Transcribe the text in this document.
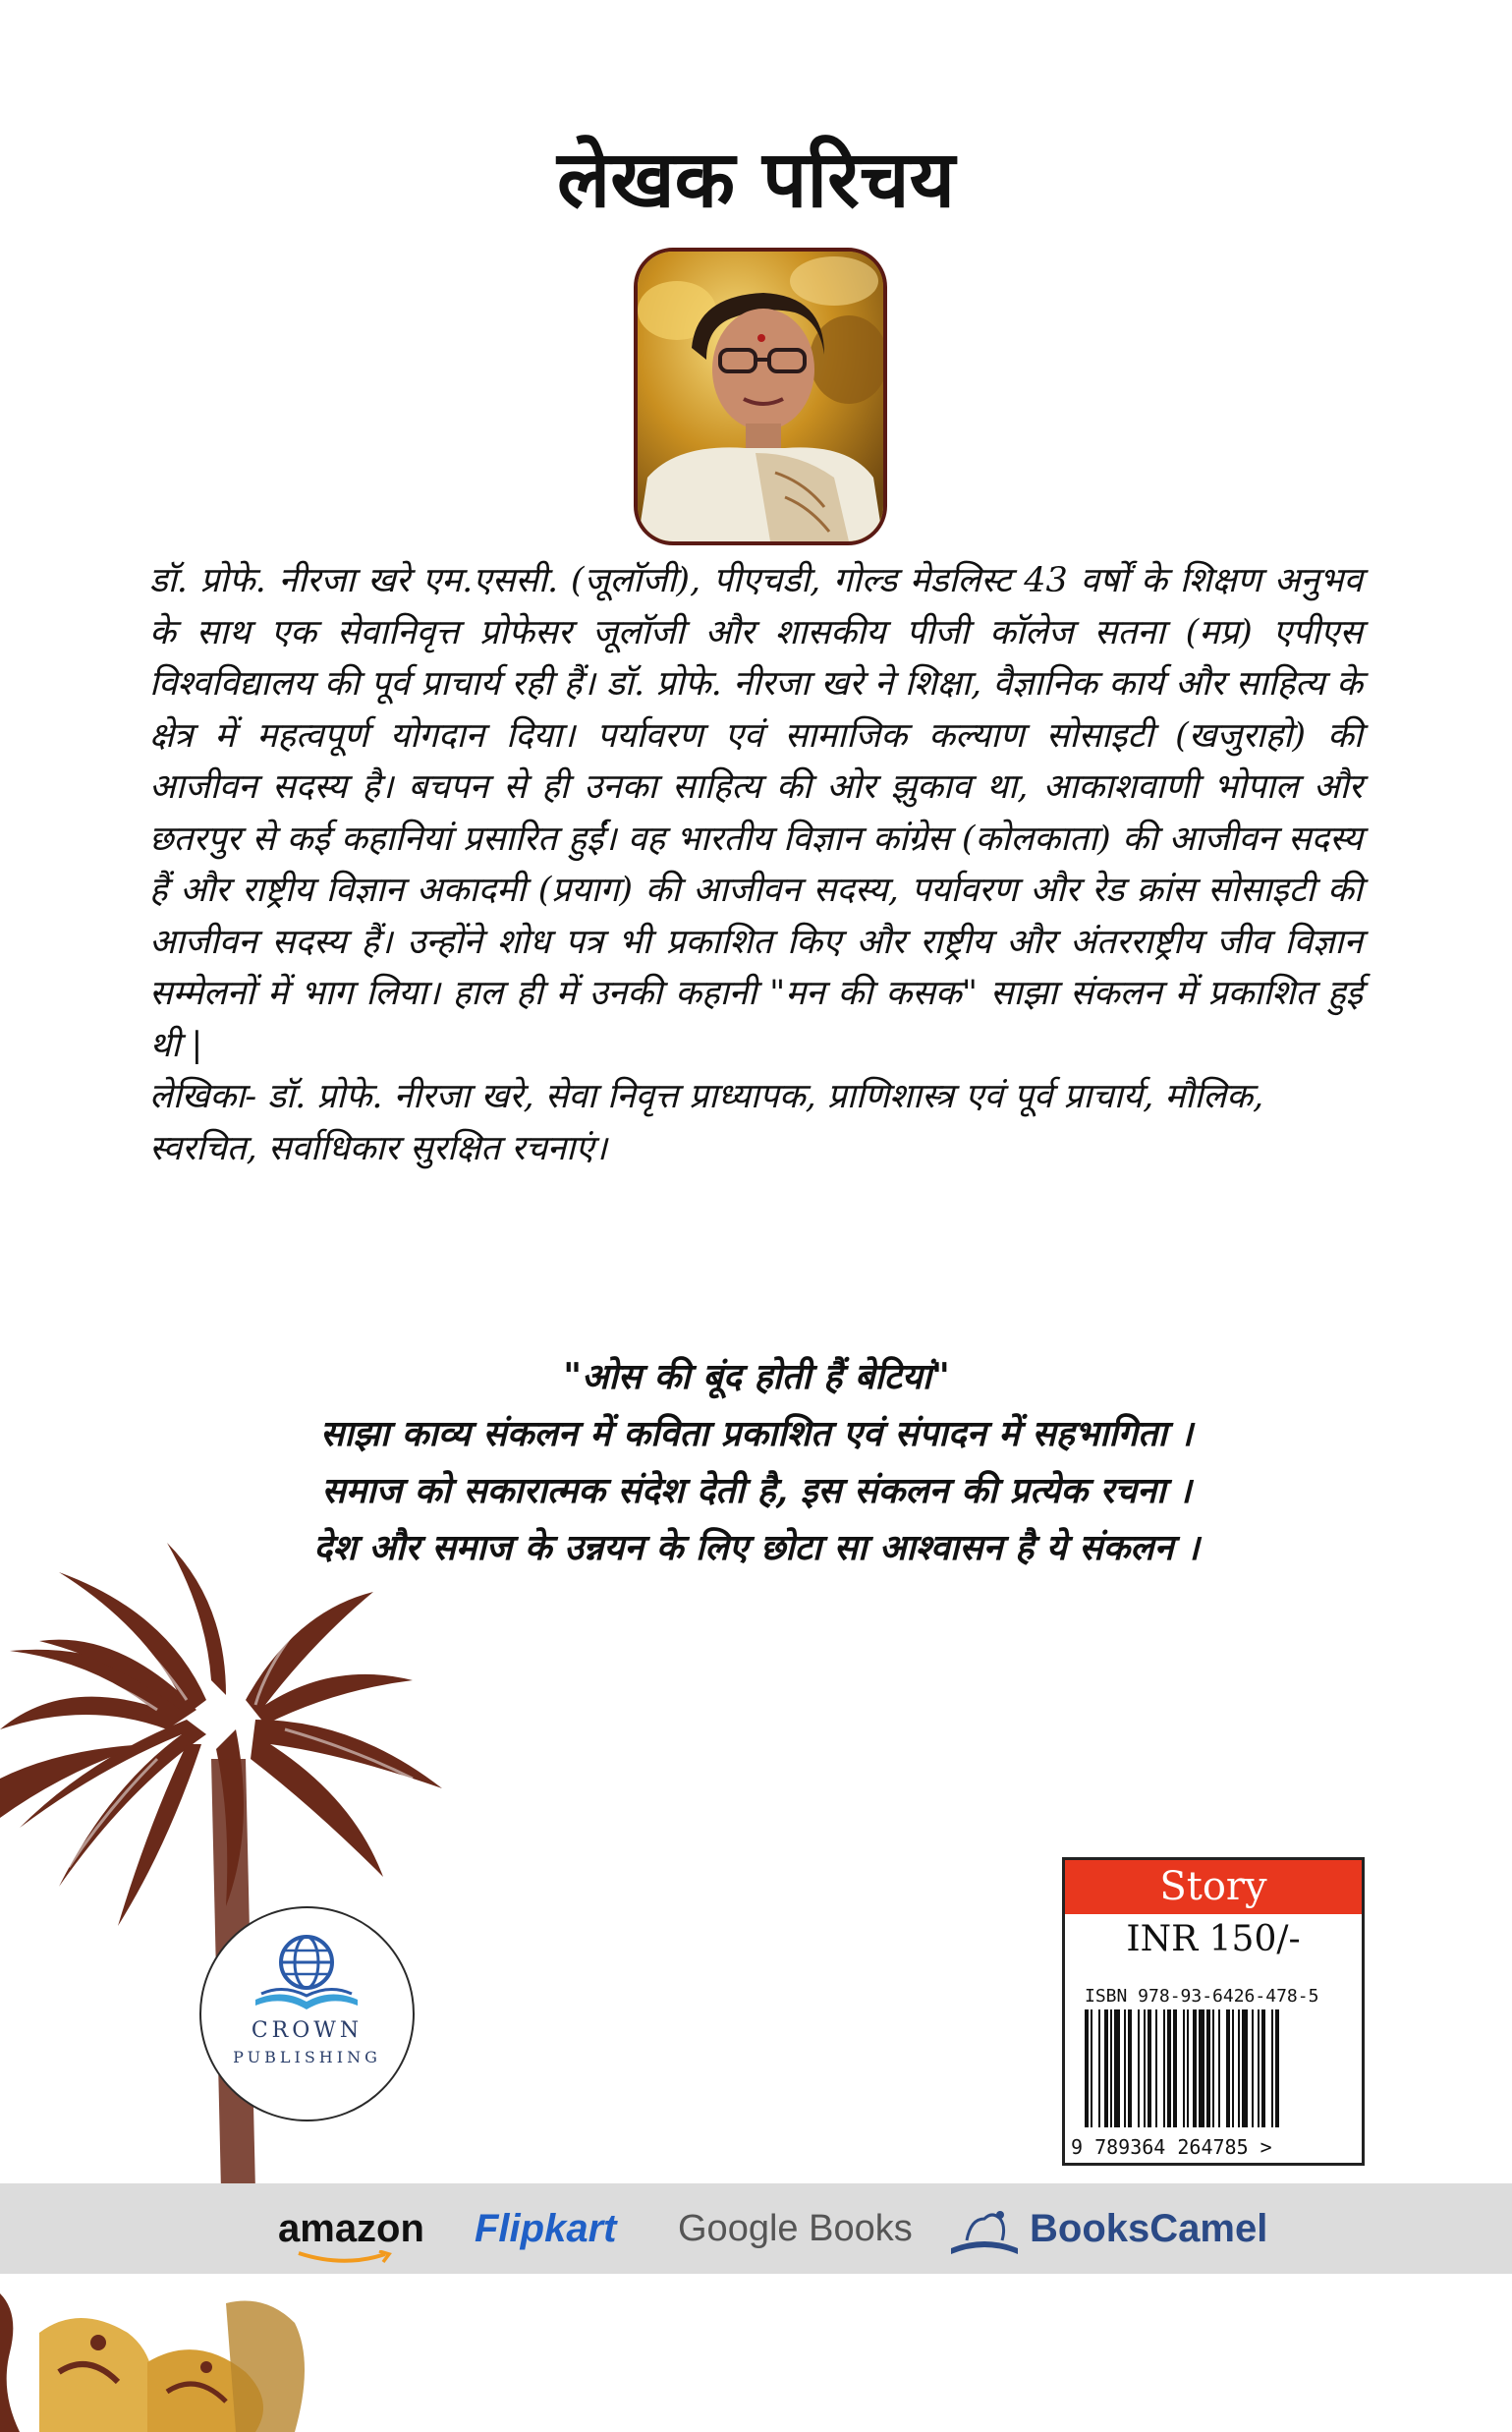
लेखक परिचय

डॉ. प्रोफे. नीरजा खरे एम.एससी. (जूलॉजी), पीएचडी, गोल्ड मेडलिस्ट 43 वर्षों के शिक्षण अनुभव के साथ एक सेवानिवृत्त प्रोफेसर जूलॉजी और शासकीय पीजी कॉलेज सतना (मप्र) एपीएस विश्वविद्यालय की पूर्व प्राचार्य रही हैं। डॉ. प्रोफे. नीरजा खरे ने शिक्षा, वैज्ञानिक कार्य और साहित्य के क्षेत्र में महत्वपूर्ण योगदान दिया। पर्यावरण एवं सामाजिक कल्याण सोसाइटी (खजुराहो) की आजीवन सदस्य है। बचपन से ही उनका साहित्य की ओर झुकाव था, आकाशवाणी भोपाल और छतरपुर से कई कहानियां प्रसारित हुईं। वह भारतीय विज्ञान कांग्रेस (कोलकाता) की आजीवन सदस्य हैं और राष्ट्रीय विज्ञान अकादमी (प्रयाग) की आजीवन सदस्य, पर्यावरण और रेड क्रांस सोसाइटी की आजीवन सदस्य हैं। उन्होंने शोध पत्र भी प्रकाशित किए और राष्ट्रीय और अंतरराष्ट्रीय जीव विज्ञान सम्मेलनों में भाग लिया। हाल ही में उनकी कहानी "मन की कसक" साझा संकलन में प्रकाशित हुई थी |

लेखिका- डॉ. प्रोफे. नीरजा खरे, सेवा निवृत्त प्राध्यापक, प्राणिशास्त्र एवं पूर्व प्राचार्य, मौलिक, स्वरचित, सर्वाधिकार सुरक्षित रचनाएं।

"ओस की बूंद होती हैं बेटियां"
साझा काव्य संकलन में कविता प्रकाशित एवं संपादन में सहभागिता ।
समाज को सकारात्मक संदेश देती है, इस संकलन की प्रत्येक रचना ।
देश और समाज के उन्नयन के लिए छोटा सा आश्वासन है ये संकलन ।
CROWN
PUBLISHING
Story
INR 150/-
ISBN 978-93-6426-478-5
9 789364 264785 >
amazon Flipkart Google Books	BooksCamel
